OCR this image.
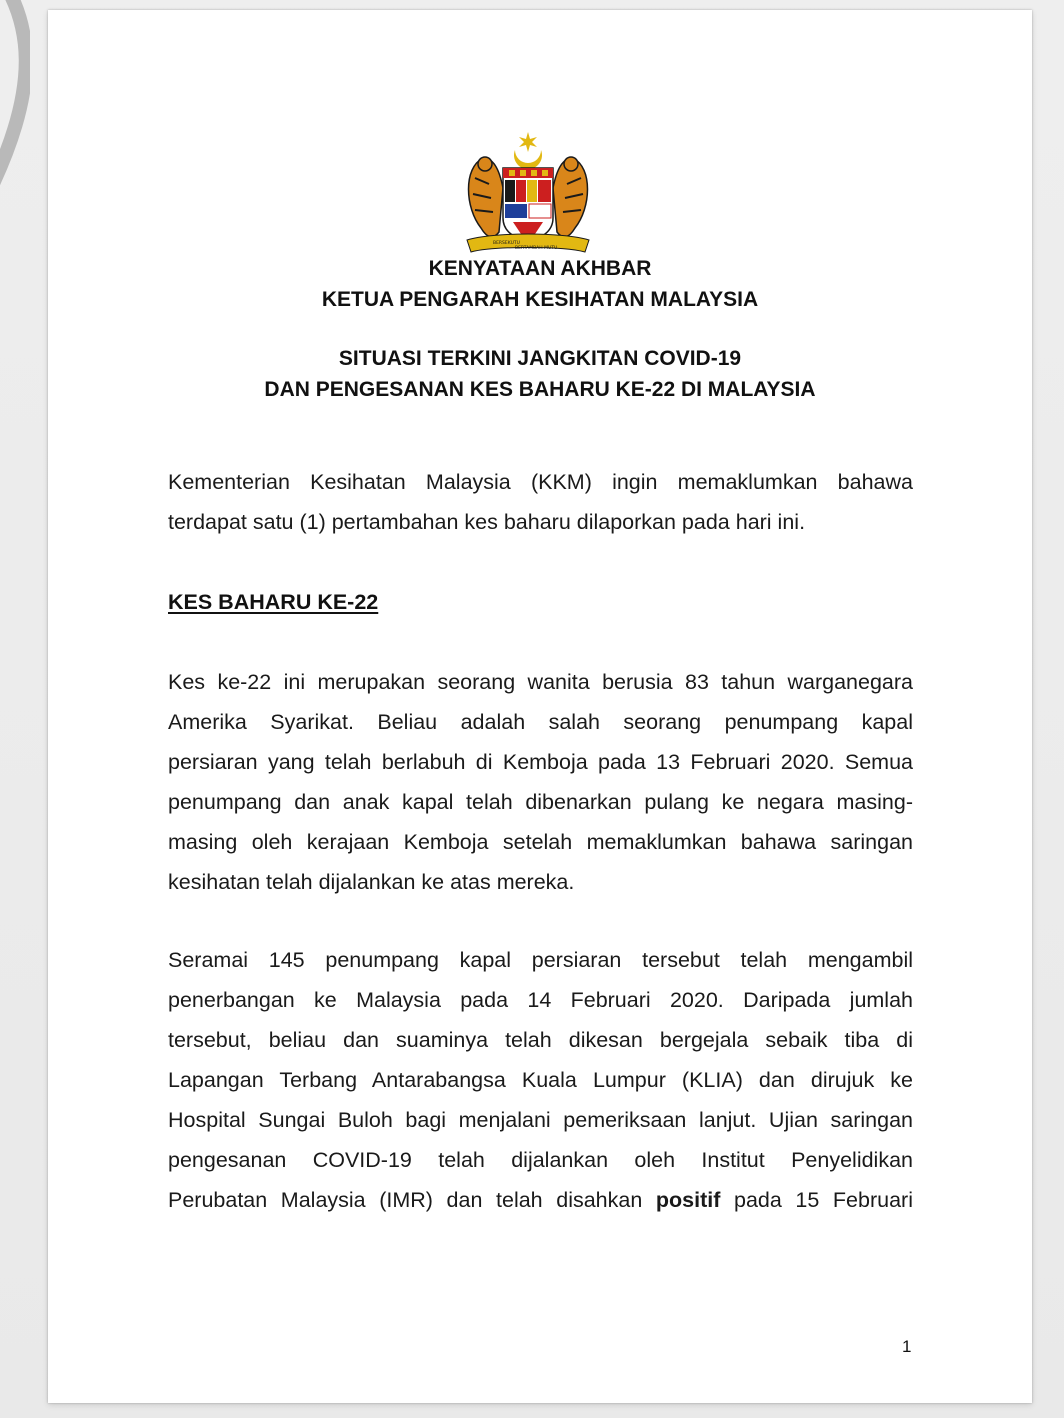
BERSEKUTU
BERTAMBAH MUTU
KENYATAAN AKHBAR
KETUA PENGARAH KESIHATAN MALAYSIA
SITUASI TERKINI JANGKITAN COVID-19
DAN PENGESANAN KES BAHARU KE-22 DI MALAYSIA

Kementerian Kesihatan Malaysia (KKM) ingin memaklumkan bahawa
terdapat satu (1) pertambahan kes baharu dilaporkan pada hari ini.

KES BAHARU KE-22

Kes ke-22 ini merupakan seorang wanita berusia 83 tahun warganegara
Amerika Syarikat. Beliau adalah salah seorang penumpang kapal
persiaran yang telah berlabuh di Kemboja pada 13 Februari 2020. Semua
penumpang dan anak kapal telah dibenarkan pulang ke negara masing-
masing oleh kerajaan Kemboja setelah memaklumkan bahawa saringan
kesihatan telah dijalankan ke atas mereka.

Seramai 145 penumpang kapal persiaran tersebut telah mengambil
penerbangan ke Malaysia pada 14 Februari 2020. Daripada jumlah
tersebut, beliau dan suaminya telah dikesan bergejala sebaik tiba di
Lapangan Terbang Antarabangsa Kuala Lumpur (KLIA) dan dirujuk ke
Hospital Sungai Buloh bagi menjalani pemeriksaan lanjut. Ujian saringan
pengesanan COVID-19 telah dijalankan oleh Institut Penyelidikan
Perubatan Malaysia (IMR) dan telah disahkan positif pada 15 Februari

1
